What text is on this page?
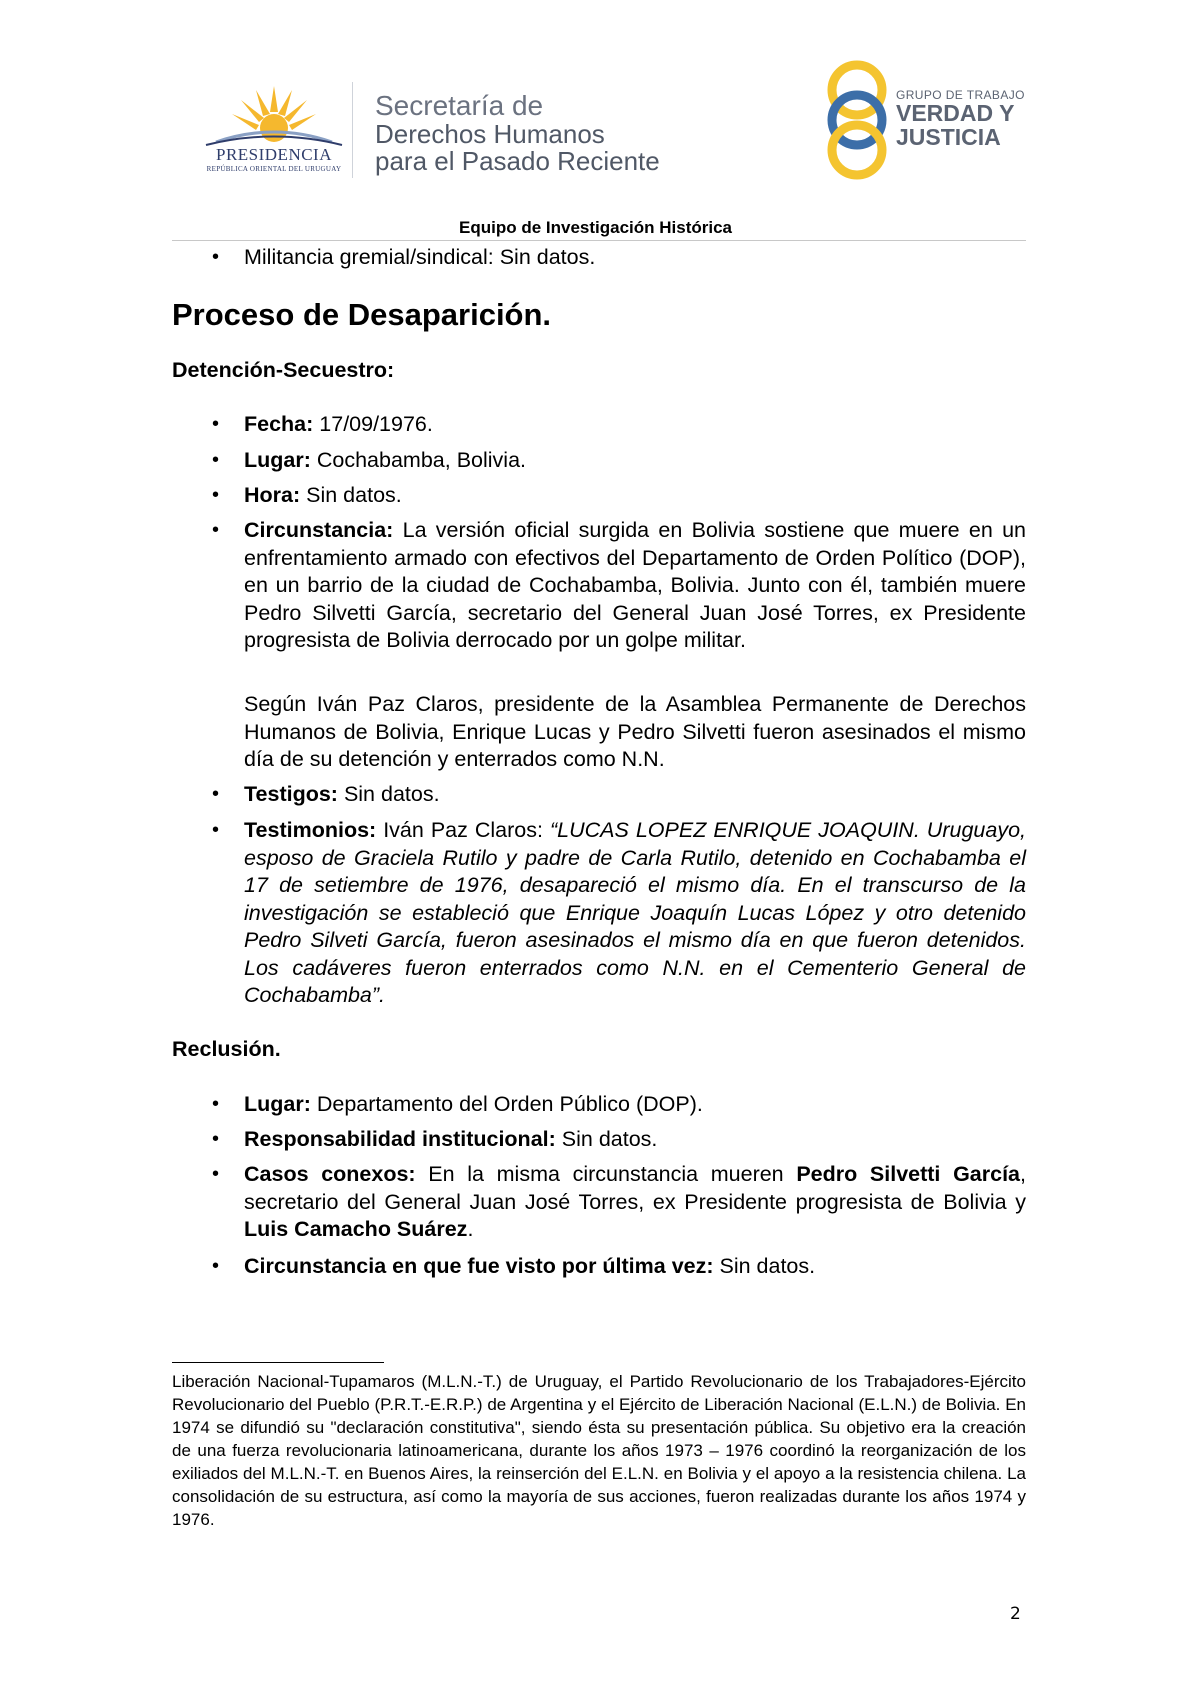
PRESIDENCIA
REPÚBLICA ORIENTAL DEL URUGUAY
Secretaría de
Derechos Humanos
para el Pasado Reciente
GRUPO DE TRABAJO
VERDAD Y
JUSTICIA
Equipo de Investigación Histórica
• Militancia gremial/sindical: Sin datos.
Proceso de Desaparición.
Detención-Secuestro:
• Fecha: 17/09/1976.
• Lugar: Cochabamba, Bolivia.
• Hora: Sin datos.
• Circunstancia: La versión oficial surgida en Bolivia sostiene que muere en un enfrentamiento armado con efectivos del Departamento de Orden Político (DOP), en un barrio de la ciudad de Cochabamba, Bolivia. Junto con él, también muere Pedro Silvetti García, secretario del General Juan José Torres, ex Presidente progresista de Bolivia derrocado por un golpe militar.
Según Iván Paz Claros, presidente de la Asamblea Permanente de Derechos Humanos de Bolivia, Enrique Lucas y Pedro Silvetti fueron asesinados el mismo día de su detención y enterrados como N.N.
• Testigos: Sin datos.
• Testimonios: Iván Paz Claros: “LUCAS LOPEZ ENRIQUE JOAQUIN. Uruguayo, esposo de Graciela Rutilo y padre de Carla Rutilo, detenido en Cochabamba el 17 de setiembre de 1976, desapareció el mismo día. En el transcurso de la investigación se estableció que Enrique Joaquín Lucas López y otro detenido Pedro Silveti García, fueron asesinados el mismo día en que fueron detenidos. Los cadáveres fueron enterrados como N.N. en el Cementerio General de Cochabamba”.
Reclusión.
• Lugar: Departamento del Orden Público (DOP).
• Responsabilidad institucional: Sin datos.
• Casos conexos: En la misma circunstancia mueren Pedro Silvetti García, secretario del General Juan José Torres, ex Presidente progresista de Bolivia y Luis Camacho Suárez.
• Circunstancia en que fue visto por última vez: Sin datos.
Liberación Nacional-Tupamaros (M.L.N.-T.) de Uruguay, el Partido Revolucionario de los Trabajadores-Ejército Revolucionario del Pueblo (P.R.T.-E.R.P.) de Argentina y el Ejército de Liberación Nacional (E.L.N.) de Bolivia. En 1974 se difundió su "declaración constitutiva", siendo ésta su presentación pública. Su objetivo era la creación de una fuerza revolucionaria latinoamericana, durante los años 1973 – 1976 coordinó la reorganización de los exiliados del M.L.N.-T. en Buenos Aires, la reinserción del E.L.N. en Bolivia y el apoyo a la resistencia chilena. La consolidación de su estructura, así como la mayoría de sus acciones, fueron realizadas durante los años 1974 y 1976.
2
